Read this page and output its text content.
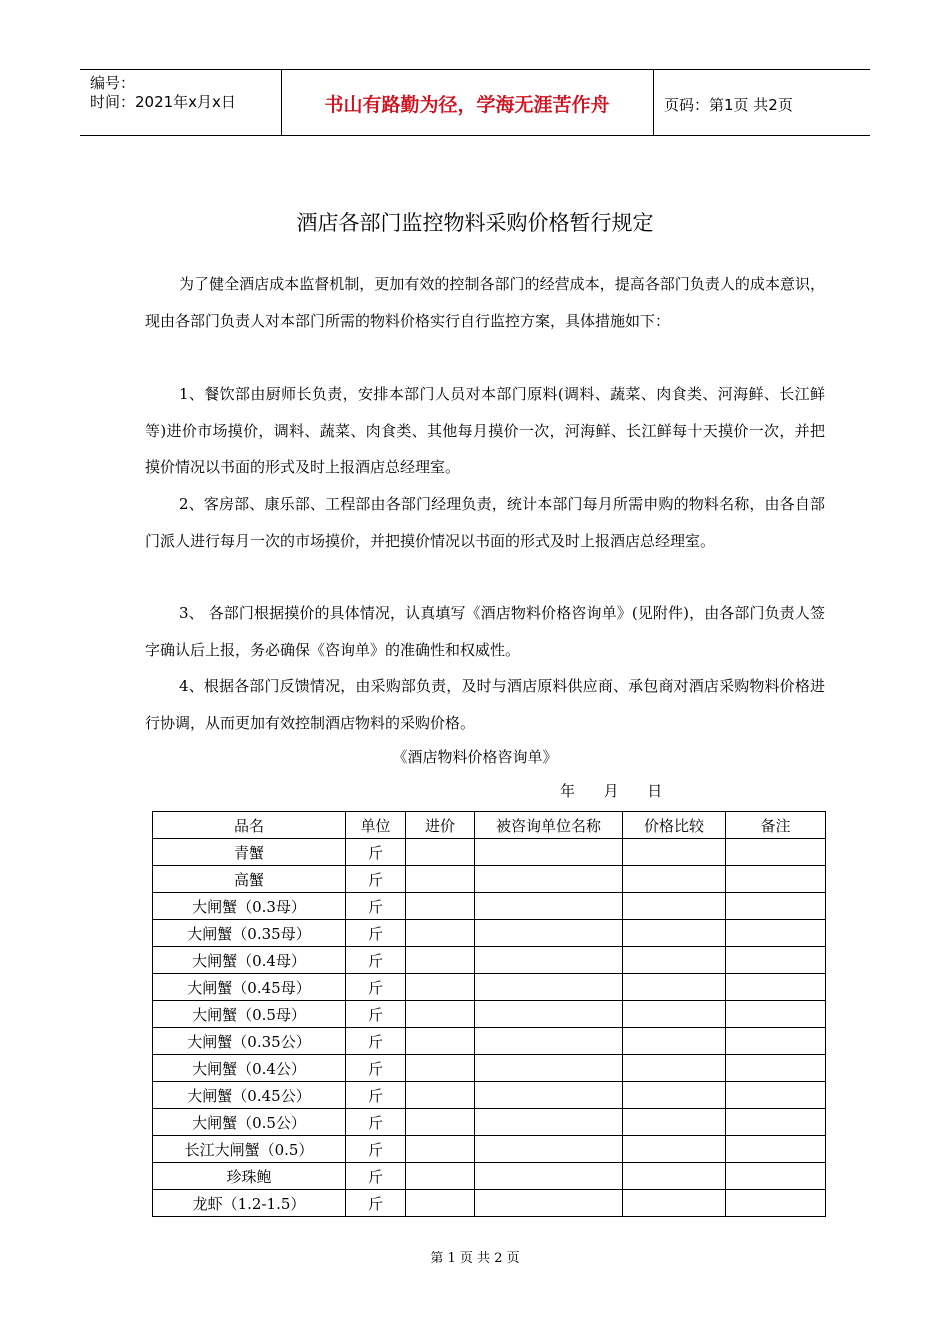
编号：
时间：2021年x月x日	书山有路勤为径，学海无涯苦作舟	页码：第1页 共2页
酒店各部门监控物料采购价格暂行规定
为了健全酒店成本监督机制，更加有效的控制各部门的经营成本，提高各部门负责人的成本意识，现由各部门负责人对本部门所需的物料价格实行自行监控方案，具体措施如下：
1、餐饮部由厨师长负责，安排本部门人员对本部门原料(调料、蔬菜、肉食类、河海鲜、长江鲜等)进价市场摸价，调料、蔬菜、肉食类、其他每月摸价一次，河海鲜、长江鲜每十天摸价一次，并把摸价情况以书面的形式及时上报酒店总经理室。
2、客房部、康乐部、工程部由各部门经理负责，统计本部门每月所需申购的物料名称，由各自部门派人进行每月一次的市场摸价，并把摸价情况以书面的形式及时上报酒店总经理室。
3、 各部门根据摸价的具体情况，认真填写《酒店物料价格咨询单》(见附件)，由各部门负责人签字确认后上报，务必确保《咨询单》的准确性和权威性。
4、根据各部门反馈情况，由采购部负责，及时与酒店原料供应商、承包商对酒店采购物料价格进行协调，从而更加有效控制酒店物料的采购价格。
《酒店物料价格咨询单》
年      月      日
品名	单位	进价	被咨询单位名称	价格比较	备注
青蟹	斤				
高蟹	斤				
大闸蟹（0.3母）	斤				
大闸蟹（0.35母）	斤				
大闸蟹（0.4母）	斤				
大闸蟹（0.45母）	斤				
大闸蟹（0.5母）	斤				
大闸蟹（0.35公）	斤				
大闸蟹（0.4公）	斤				
大闸蟹（0.45公）	斤				
大闸蟹（0.5公）	斤				
长江大闸蟹（0.5）	斤				
珍珠鲍	斤				
龙虾（1.2-1.5）	斤				
第 1 页 共 2 页
